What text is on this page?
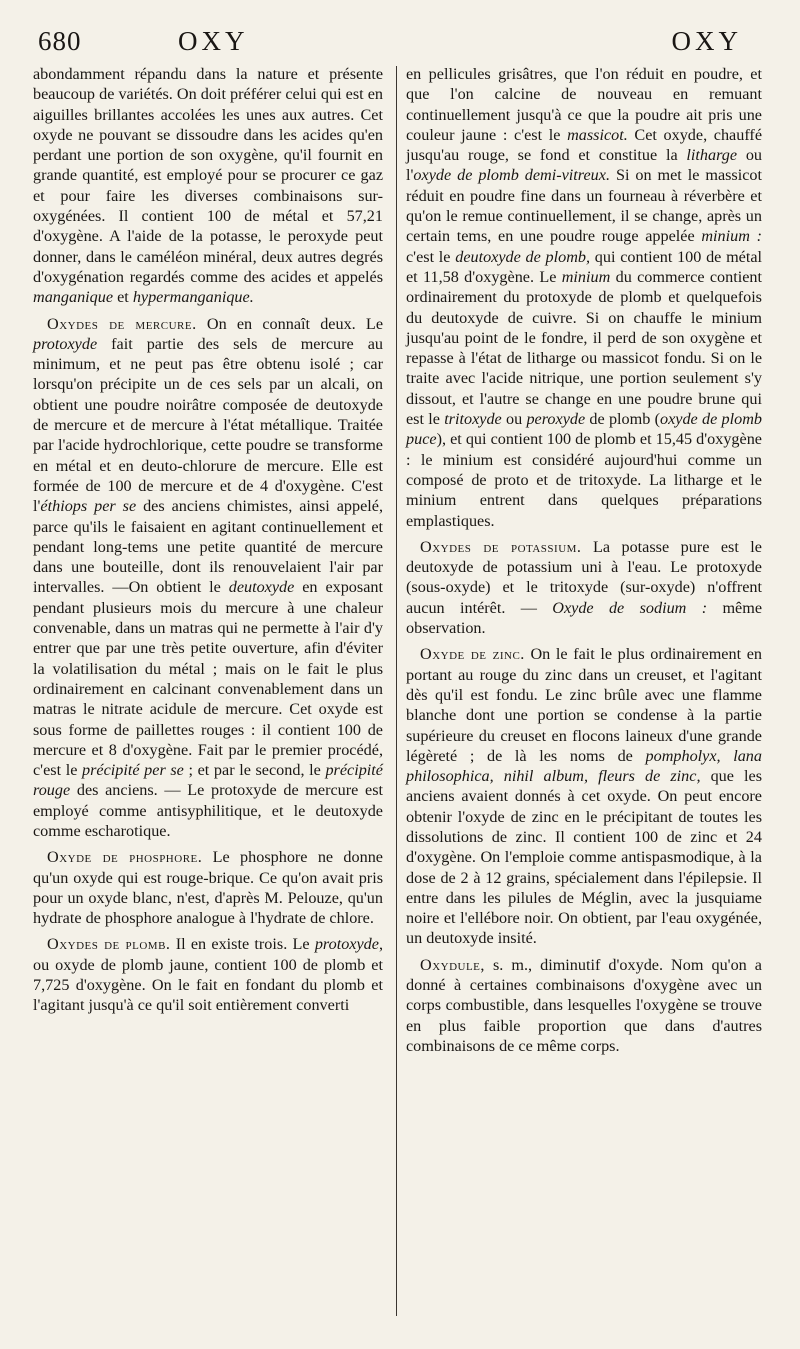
680	OXY	OXY

abondamment répandu dans la nature et présente beaucoup de variétés. On doit préférer celui qui est en aiguilles brillantes accolées les unes aux autres. Cet oxyde ne pouvant se dissoudre dans les acides qu'en perdant une portion de son oxygène, qu'il fournit en grande quantité, est employé pour se procurer ce gaz et pour faire les diverses combinaisons sur-oxygénées. Il contient 100 de métal et 57,21 d'oxygène. A l'aide de la potasse, le peroxyde peut donner, dans le caméléon minéral, deux autres degrés d'oxygénation regardés comme des acides et appelés manganique et hypermanganique.

Oxydes de mercure. On en connaît deux. Le protoxyde fait partie des sels de mercure au minimum, et ne peut pas être obtenu isolé ; car lorsqu'on précipite un de ces sels par un alcali, on obtient une poudre noirâtre composée de deutoxyde de mercure et de mercure à l'état métallique. Traitée par l'acide hydrochlorique, cette poudre se transforme en métal et en deuto-chlorure de mercure. Elle est formée de 100 de mercure et de 4 d'oxygène. C'est l'éthiops per se des anciens chimistes, ainsi appelé, parce qu'ils le faisaient en agitant continuellement et pendant long-tems une petite quantité de mercure dans une bouteille, dont ils renouvelaient l'air par intervalles. —On obtient le deutoxyde en exposant pendant plusieurs mois du mercure à une chaleur convenable, dans un matras qui ne permette à l'air d'y entrer que par une très petite ouverture, afin d'éviter la volatilisation du métal ; mais on le fait le plus ordinairement en calcinant convenablement dans un matras le nitrate acidule de mercure. Cet oxyde est sous forme de paillettes rouges : il contient 100 de mercure et 8 d'oxygène. Fait par le premier procédé, c'est le précipité per se ; et par le second, le précipité rouge des anciens. — Le protoxyde de mercure est employé comme antisyphilitique, et le deutoxyde comme escharotique.

Oxyde de phosphore. Le phosphore ne donne qu'un oxyde qui est rouge-brique. Ce qu'on avait pris pour un oxyde blanc, n'est, d'après M. Pelouze, qu'un hydrate de phosphore analogue à l'hydrate de chlore.

Oxydes de plomb. Il en existe trois. Le protoxyde, ou oxyde de plomb jaune, contient 100 de plomb et 7,725 d'oxygène. On le fait en fondant du plomb et l'agitant jusqu'à ce qu'il soit entièrement converti

en pellicules grisâtres, que l'on réduit en poudre, et que l'on calcine de nouveau en remuant continuellement jusqu'à ce que la poudre ait pris une couleur jaune : c'est le massicot. Cet oxyde, chauffé jusqu'au rouge, se fond et constitue la litharge ou l'oxyde de plomb demi-vitreux. Si on met le massicot réduit en poudre fine dans un fourneau à réverbère et qu'on le remue continuellement, il se change, après un certain tems, en une poudre rouge appelée minium : c'est le deutoxyde de plomb, qui contient 100 de métal et 11,58 d'oxygène. Le minium du commerce contient ordinairement du protoxyde de plomb et quelquefois du deutoxyde de cuivre. Si on chauffe le minium jusqu'au point de le fondre, il perd de son oxygène et repasse à l'état de litharge ou massicot fondu. Si on le traite avec l'acide nitrique, une portion seulement s'y dissout, et l'autre se change en une poudre brune qui est le tritoxyde ou peroxyde de plomb (oxyde de plomb puce), et qui contient 100 de plomb et 15,45 d'oxygène : le minium est considéré aujourd'hui comme un composé de proto et de tritoxyde. La litharge et le minium entrent dans quelques préparations emplastiques.

Oxydes de potassium. La potasse pure est le deutoxyde de potassium uni à l'eau. Le protoxyde (sous-oxyde) et le tritoxyde (sur-oxyde) n'offrent aucun intérêt. — Oxyde de sodium : même observation.

Oxyde de zinc. On le fait le plus ordinairement en portant au rouge du zinc dans un creuset, et l'agitant dès qu'il est fondu. Le zinc brûle avec une flamme blanche dont une portion se condense à la partie supérieure du creuset en flocons laineux d'une grande légèreté ; de là les noms de pompholyx, lana philosophica, nihil album, fleurs de zinc, que les anciens avaient donnés à cet oxyde. On peut encore obtenir l'oxyde de zinc en le précipitant de toutes les dissolutions de zinc. Il contient 100 de zinc et 24 d'oxygène. On l'emploie comme antispasmodique, à la dose de 2 à 12 grains, spécialement dans l'épilepsie. Il entre dans les pilules de Méglin, avec la jusquiame noire et l'ellébore noir. On obtient, par l'eau oxygénée, un deutoxyde insité.

Oxydule, s. m., diminutif d'oxyde. Nom qu'on a donné à certaines combinaisons d'oxygène avec un corps combustible, dans lesquelles l'oxygène se trouve en plus faible proportion que dans d'autres combinaisons de ce même corps.
